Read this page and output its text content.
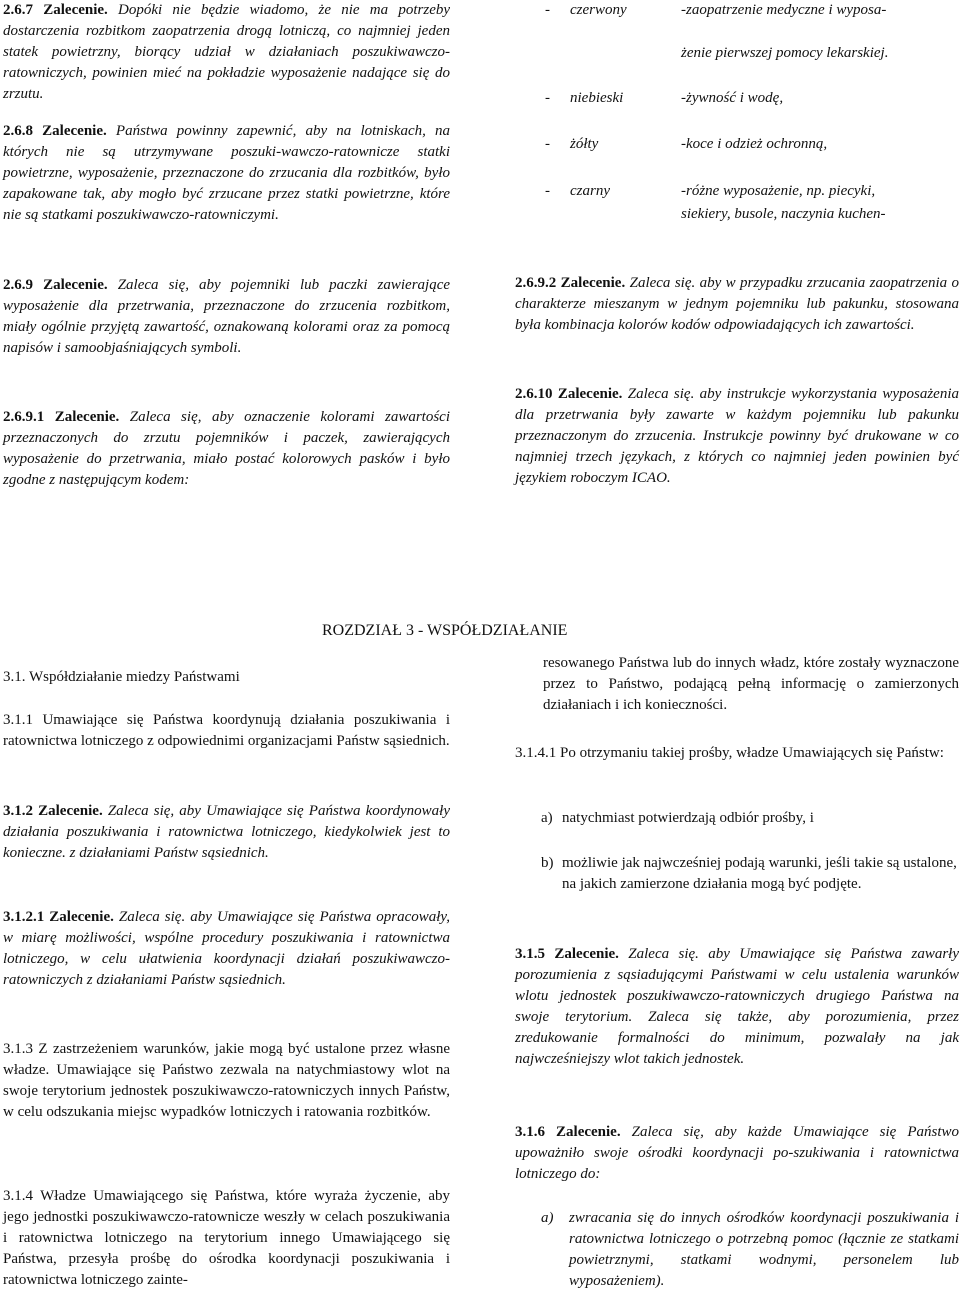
2.6.7 Zalecenie. Dopóki nie będzie wiadomo, że nie ma potrzeby dostarczenia rozbitkom zaopatrzenia drogą lotniczą, co najmniej jeden statek powietrzny, biorący udział w działaniach poszukiwawczo-ratowniczych, powinien mieć na pokładzie wyposażenie nadające się do zrzutu.
2.6.8 Zalecenie. Państwa powinny zapewnić, aby na lotniskach, na których nie są utrzymywane poszuki-wawczo-ratownicze statki powietrzne, wyposażenie, przeznaczone do zrzucania dla rozbitków, było zapakowane tak, aby mogło być zrzucane przez statki powietrzne, które nie są statkami poszukiwawczo-ratowniczymi.
2.6.9 Zalecenie. Zaleca się, aby pojemniki lub paczki zawierające wyposażenie dla przetrwania, przeznaczone do zrzucenia rozbitkom, miały ogólnie przyjętą zawartość, oznakowaną kolorami oraz za pomocą napisów i samoobjaśniających symboli.
2.6.9.1 Zalecenie. Zaleca się, aby oznaczenie kolorami zawartości przeznaczonych do zrzutu pojemników i paczek, zawierających wyposażenie do przetrwania, miało postać kolorowych pasków i było zgodne z następującym kodem:
- czerwony	-zaopatrzenie medyczne i wyposa-
żenie pierwszej pomocy lekarskiej.
- niebieski	-żywność i wodę,
- żółty	-koce i odzież ochronną,
- czarny	-różne wyposażenie, np. piecyki,
siekiery, busole, naczynia kuchen-
2.6.9.2 Zalecenie. Zaleca się. aby w przypadku zrzucania zaopatrzenia o charakterze mieszanym w jednym pojemniku lub pakunku, stosowana była kombinacja kolorów kodów odpowiadających ich zawartości.
2.6.10 Zalecenie. Zaleca się. aby instrukcje wykorzystania wyposażenia dla przetrwania były zawarte w każdym pojemniku lub pakunku przeznaczonym do zrzucenia. Instrukcje powinny być drukowane w co najmniej trzech językach, z których co najmniej jeden powinien być językiem roboczym ICAO.
ROZDZIAŁ 3 - WSPÓŁDZIAŁANIE
3.1. Współdziałanie miedzy Państwami
3.1.1 Umawiające się Państwa koordynują działania poszukiwania i ratownictwa lotniczego z odpowiednimi organizacjami Państw sąsiednich.
3.1.2 Zalecenie. Zaleca się, aby Umawiające się Państwa koordynowały działania poszukiwania i ratownictwa lotniczego, kiedykolwiek jest to konieczne. z działaniami Państw sąsiednich.
3.1.2.1 Zalecenie. Zaleca się. aby Umawiające się Państwa opracowały, w miarę możliwości, wspólne procedury poszukiwania i ratownictwa lotniczego, w celu ułatwienia koordynacji działań poszukiwawczo-ratowniczych z działaniami Państw sąsiednich.
3.1.3 Z zastrzeżeniem warunków, jakie mogą być ustalone przez własne władze. Umawiające się Państwo zezwala na natychmiastowy wlot na swoje terytorium jednostek poszukiwawczo-ratowniczych innych Państw, w celu odszukania miejsc wypadków lotniczych i ratowania rozbitków.
3.1.4 Władze Umawiającego się Państwa, które wyraża życzenie, aby jego jednostki poszukiwawczo-ratownicze weszły w celach poszukiwania i ratownictwa lotniczego na terytorium innego Umawiającego się Państwa, przesyła prośbę do ośrodka koordynacji poszukiwania i ratownictwa lotniczego zainte-
resowanego Państwa lub do innych władz, które zostały wyznaczone przez to Państwo, podającą pełną informację o zamierzonych działaniach i ich konieczności.
3.1.4.1 Po otrzymaniu takiej prośby, władze Umawiających się Państw:
a) natychmiast potwierdzają odbiór prośby, i
b) możliwie jak najwcześniej podają warunki, jeśli takie są ustalone, na jakich zamierzone działania mogą być podjęte.
3.1.5 Zalecenie. Zaleca się. aby Umawiające się Państwa zawarły porozumienia z sąsiadującymi Państwami w celu ustalenia warunków wlotu jednostek poszukiwawczo-ratowniczych drugiego Państwa na swoje terytorium. Zaleca się także, aby porozumienia, przez zredukowanie formalności do minimum, pozwalały na jak najwcześniejszy wlot takich jednostek.
3.1.6 Zalecenie. Zaleca się, aby każde Umawiające się Państwo upoważniło swoje ośrodki koordynacji po-szukiwania i ratownictwa lotniczego do:
a) zwracania się do innych ośrodków koordynacji poszukiwania i ratownictwa lotniczego o potrzebną pomoc (łącznie ze statkami powietrznymi, statkami wodnymi, personelem lub wyposażeniem).
